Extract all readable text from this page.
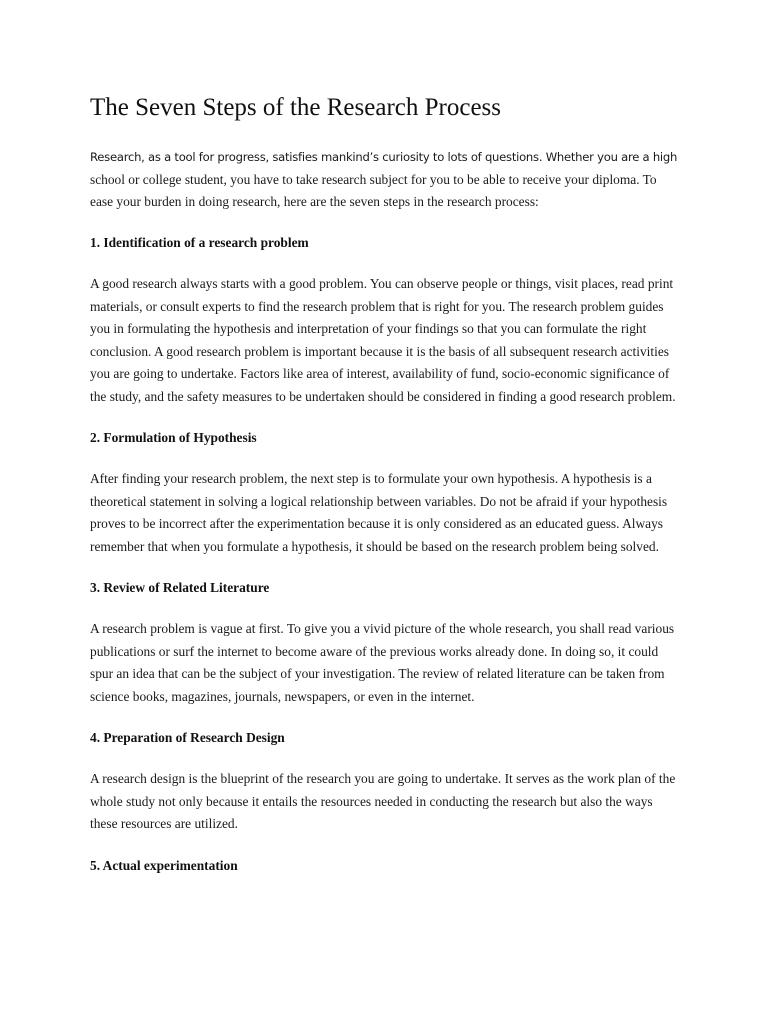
The Seven Steps of the Research Process

Research, as a tool for progress, satisfies mankind’s curiosity to lots of questions. Whether you are a high school or college student, you have to take research subject for you to be able to receive your diploma. To ease your burden in doing research, here are the seven steps in the research process:

1. Identification of a research problem

A good research always starts with a good problem. You can observe people or things, visit places, read print materials, or consult experts to find the research problem that is right for you. The research problem guides you in formulating the hypothesis and interpretation of your findings so that you can formulate the right conclusion. A good research problem is important because it is the basis of all subsequent research activities you are going to undertake. Factors like area of interest, availability of fund, socio-economic significance of the study, and the safety measures to be undertaken should be considered in finding a good research problem.

2. Formulation of Hypothesis

After finding your research problem, the next step is to formulate your own hypothesis. A hypothesis is a theoretical statement in solving a logical relationship between variables. Do not be afraid if your hypothesis proves to be incorrect after the experimentation because it is only considered as an educated guess. Always remember that when you formulate a hypothesis, it should be based on the research problem being solved.

3. Review of Related Literature

A research problem is vague at first. To give you a vivid picture of the whole research, you shall read various publications or surf the internet to become aware of the previous works already done. In doing so, it could spur an idea that can be the subject of your investigation. The review of related literature can be taken from science books, magazines, journals, newspapers, or even in the internet.

4. Preparation of Research Design

A research design is the blueprint of the research you are going to undertake. It serves as the work plan of the whole study not only because it entails the resources needed in conducting the research but also the ways these resources are utilized.

5. Actual experimentation
